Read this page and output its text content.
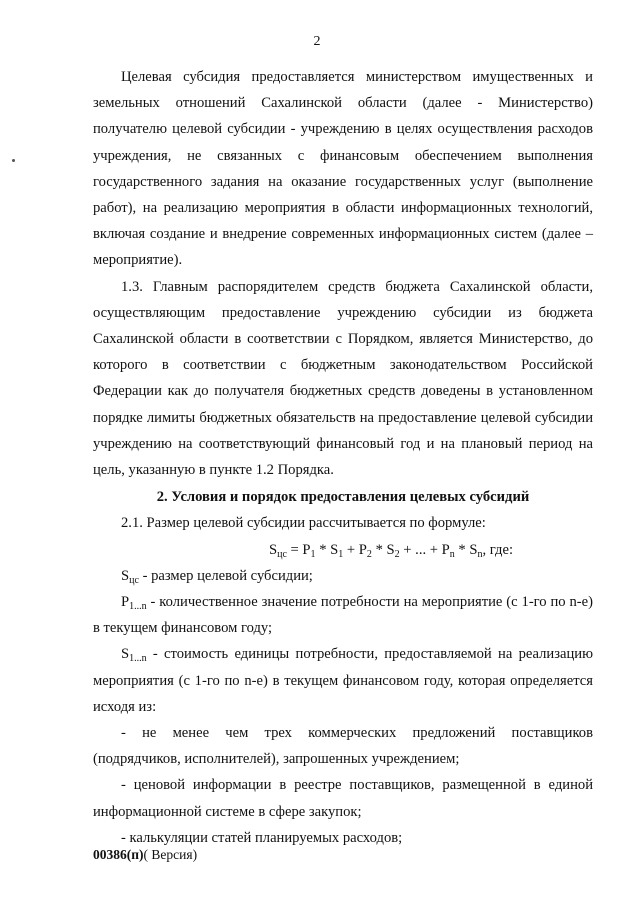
2

Целевая субсидия предоставляется министерством имущественных и земельных отношений Сахалинской области (далее - Министерство) получателю целевой субсидии - учреждению в целях осуществления расходов учреждения, не связанных с финансовым обеспечением выполнения государственного задания на оказание государственных услуг (выполнение работ), на реализацию мероприятия в области информационных технологий, включая создание и внедрение современных информационных систем (далее – мероприятие).

1.3. Главным распорядителем средств бюджета Сахалинской области, осуществляющим предоставление учреждению субсидии из бюджета Сахалинской области в соответствии с Порядком, является Министерство, до которого в соответствии с бюджетным законодательством Российской Федерации как до получателя бюджетных средств доведены в установленном порядке лимиты бюджетных обязательств на предоставление целевой субсидии учреждению на соответствующий финансовый год и на плановый период на цель, указанную в пункте 1.2 Порядка.

2. Условия и порядок предоставления целевых субсидий

2.1. Размер целевой субсидии рассчитывается по формуле:

$S_{цс} = P_1 * S_1 + P_2 * S_2$ + ... + $P_n * S_n$, где:

$S_{цс}$ - размер целевой субсидии;

$P_{1...n}$ - количественное значение потребности на мероприятие (с 1-го по n-е) в текущем финансовом году;

$S_{1...n}$ - стоимость единицы потребности, предоставляемой на реализацию мероприятия (с 1-го по n-е) в текущем финансовом году, которая определяется исходя из:

- не менее чем трех коммерческих предложений поставщиков (подрядчиков, исполнителей), запрошенных учреждением;

- ценовой информации в реестре поставщиков, размещенной в единой информационной системе в сфере закупок;

- калькуляции статей планируемых расходов;

00386(п)( Версия)
